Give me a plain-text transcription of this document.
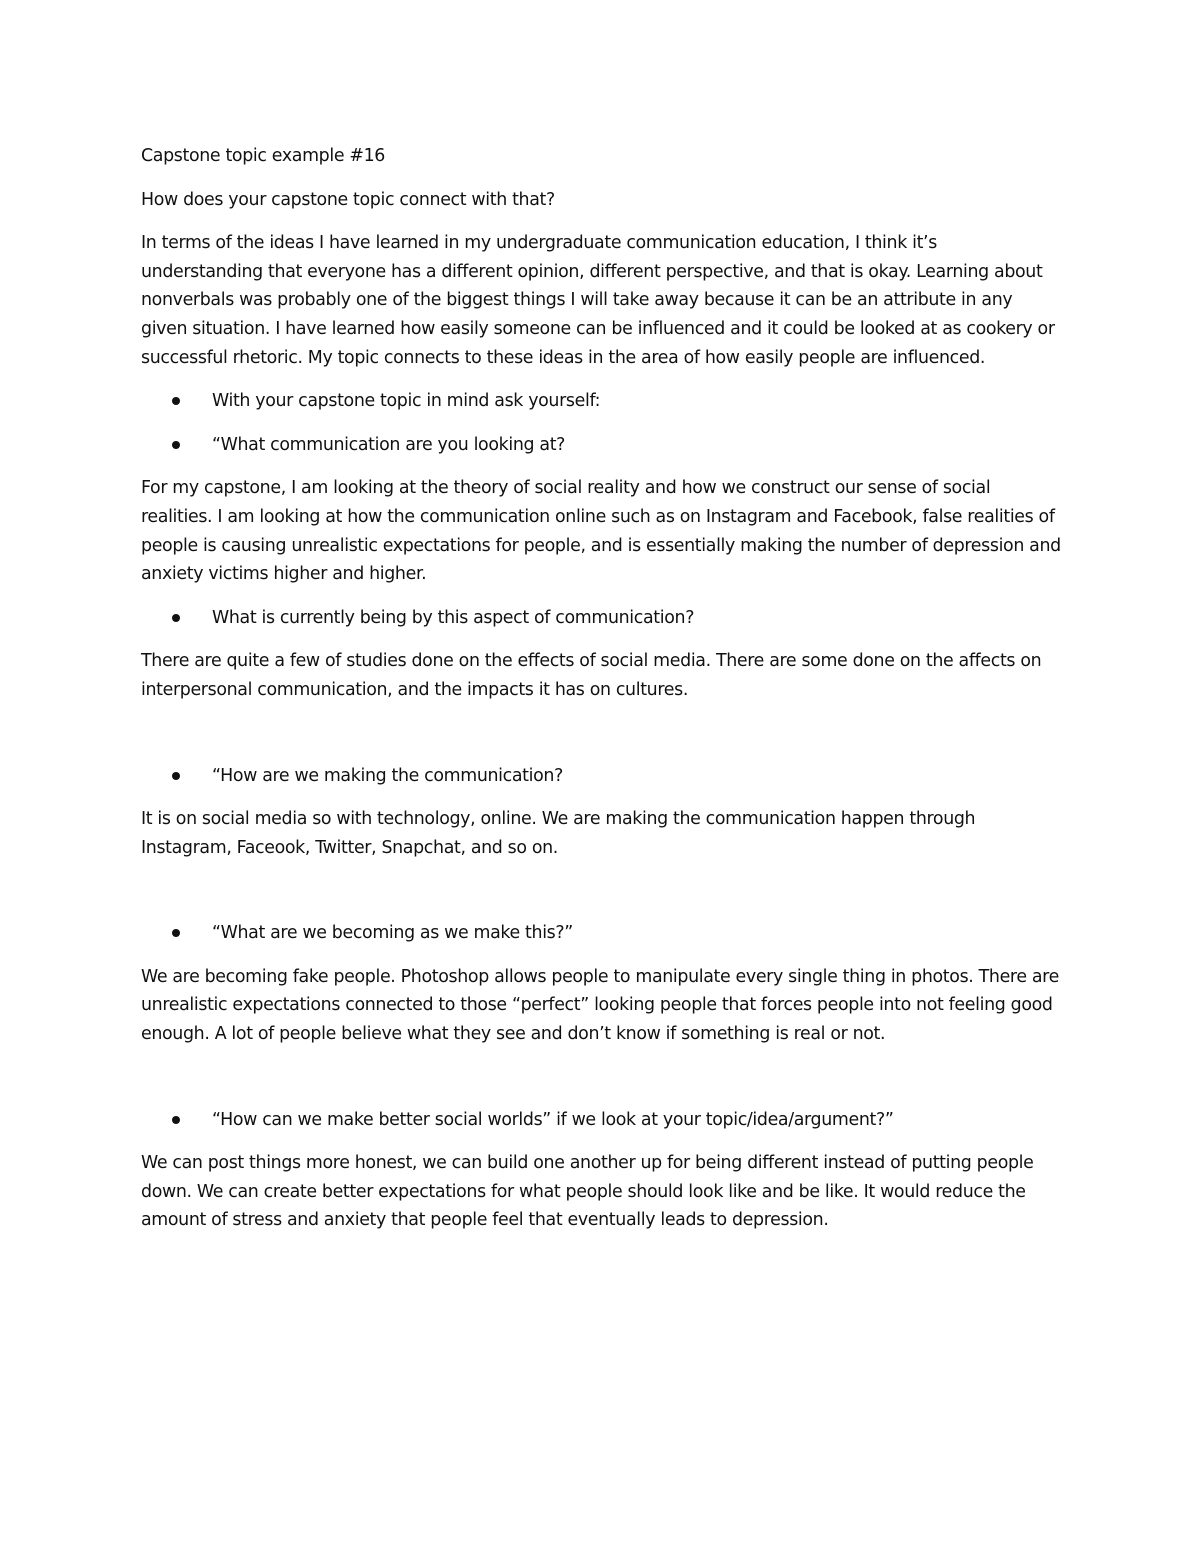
Capstone topic example #16

How does your capstone topic connect with that?

In terms of the ideas I have learned in my undergraduate communication education, I think it’s understanding that everyone has a different opinion, different perspective, and that is okay. Learning about nonverbals was probably one of the biggest things I will take away because it can be an attribute in any given situation. I have learned how easily someone can be influenced and it could be looked at as cookery or successful rhetoric. My topic connects to these ideas in the area of how easily people are influenced.

With your capstone topic in mind ask yourself:
“What communication are you looking at?

For my capstone, I am looking at the theory of social reality and how we construct our sense of social realities. I am looking at how the communication online such as on Instagram and Facebook, false realities of people is causing unrealistic expectations for people, and is essentially making the number of depression and anxiety victims higher and higher.

What is currently being by this aspect of communication?

There are quite a few of studies done on the effects of social media. There are some done on the affects on interpersonal communication, and the impacts it has on cultures.

“How are we making the communication?

It is on social media so with technology, online. We are making the communication happen through Instagram, Faceook, Twitter, Snapchat, and so on.

“What are we becoming as we make this?”

We are becoming fake people. Photoshop allows people to manipulate every single thing in photos. There are unrealistic expectations connected to those “perfect” looking people that forces people into not feeling good enough. A lot of people believe what they see and don’t know if something is real or not.

“How can we make better social worlds” if we look at your topic/idea/argument?”

We can post things more honest, we can build one another up for being different instead of putting people down. We can create better expectations for what people should look like and be like. It would reduce the amount of stress and anxiety that people feel that eventually leads to depression.
